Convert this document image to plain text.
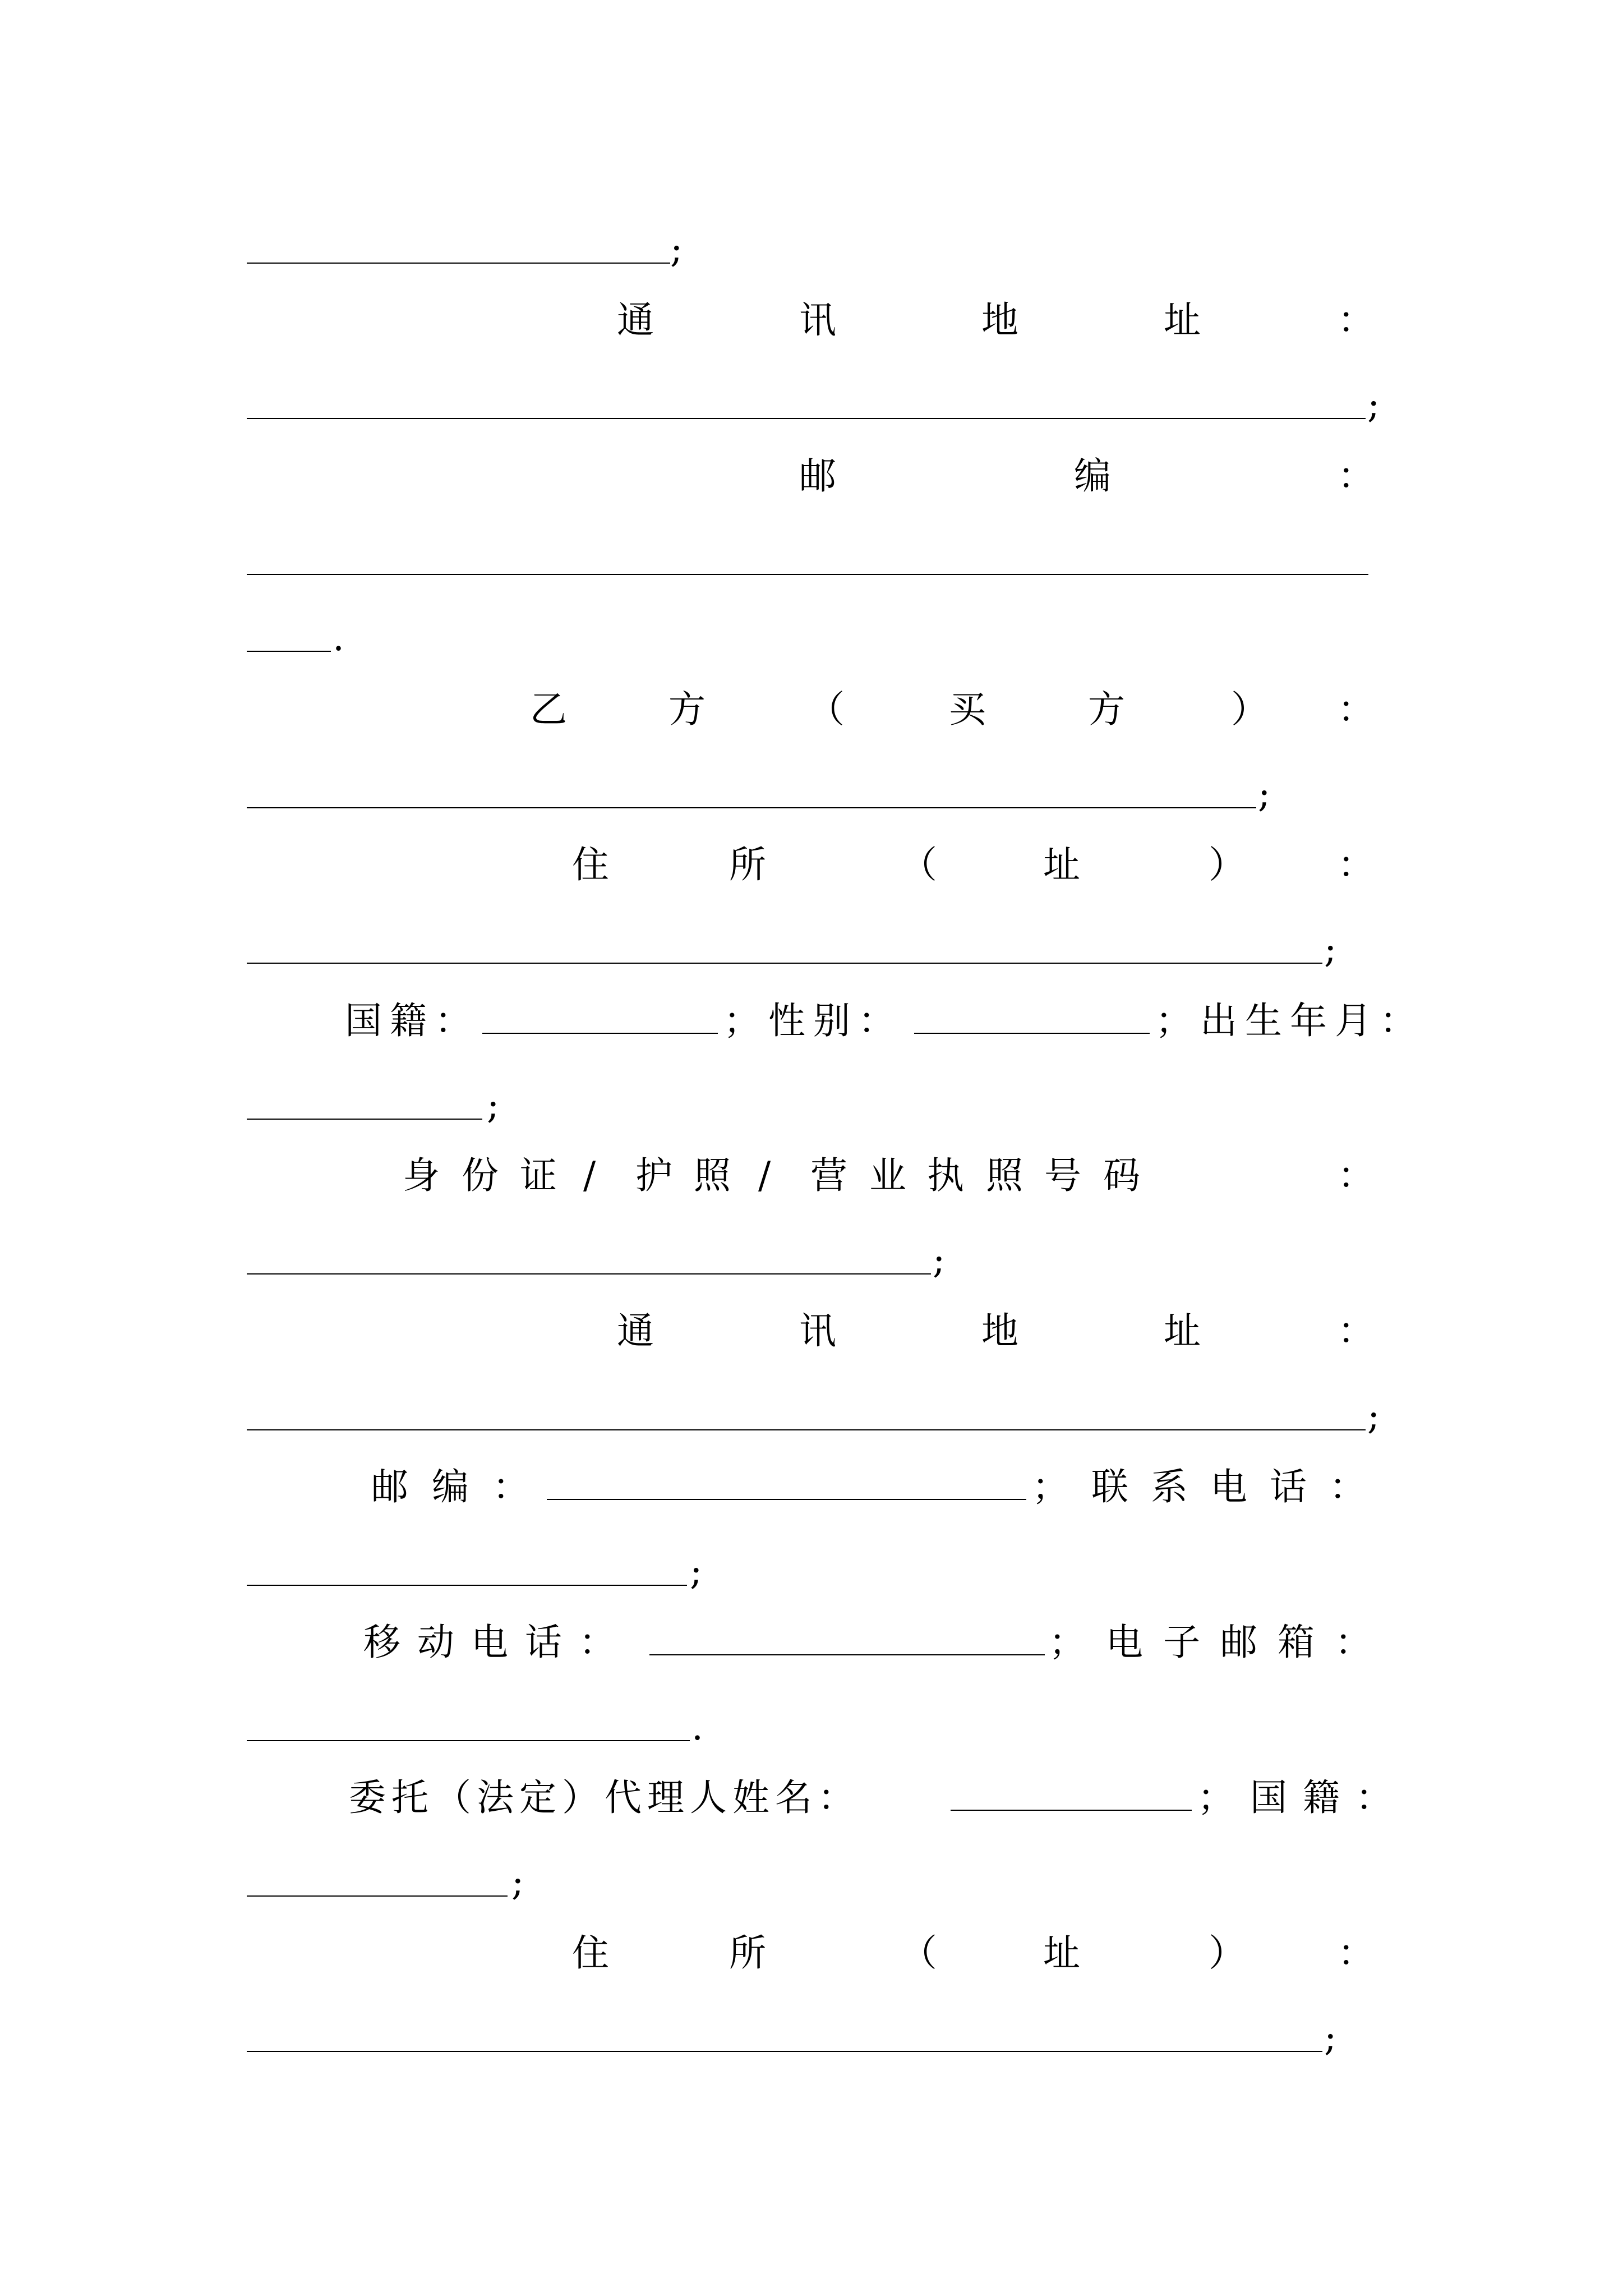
;
通	讯	地	址	：
;
邮	编	：
.
乙	方	（	买	方	） ：
;
住	所	（	址	） ：
;
国籍：	；性别：	；出生年月：
;
身 份 证 / 护 照 / 营 业 执 照 号 码	：
;
通	讯	地	址	：
;
邮编：	；联系电话：
;
移动电话：	；电子邮箱：
.
委托（法定）代理人姓名：	；国籍：
;
住	所	（	址	） ：
;
